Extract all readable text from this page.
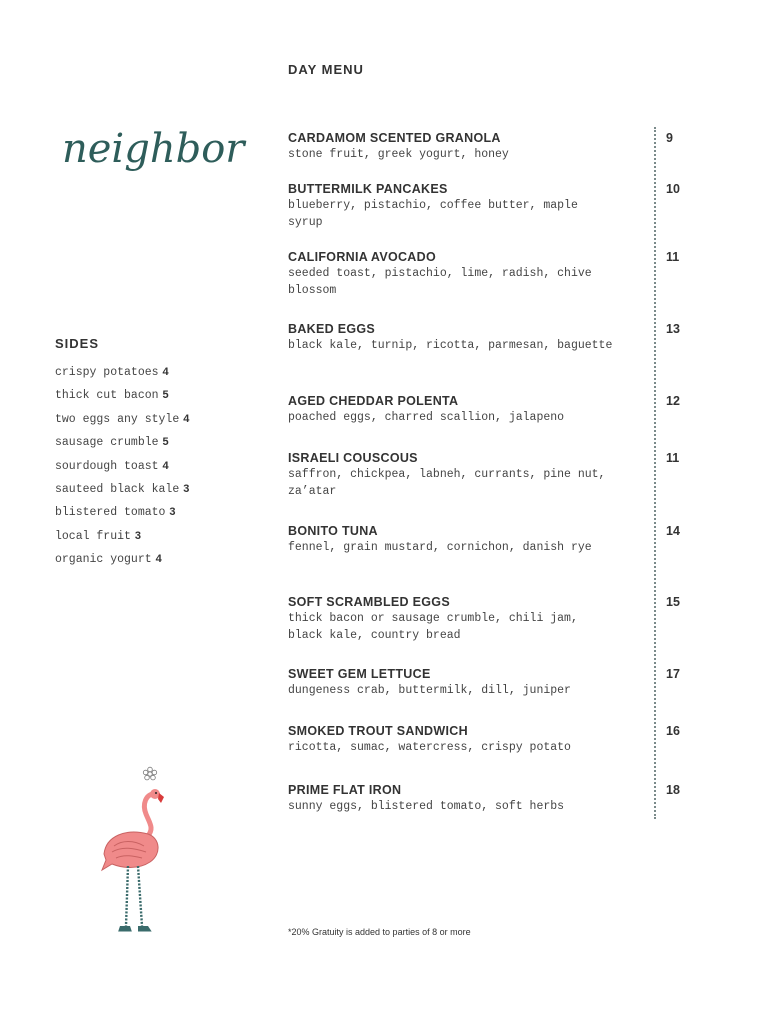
DAY MENU
neighbor
SIDES
crispy potatoes 4
thick cut bacon 5
two eggs any style 4
sausage crumble 5
sourdough toast 4
sauteed black kale 3
blistered tomato 3
local fruit 3
organic yogurt 4
CARDAMOM SCENTED GRANOLA
stone fruit, greek yogurt, honey
9
BUTTERMILK PANCAKES
blueberry, pistachio, coffee butter, maple syrup
10
CALIFORNIA AVOCADO
seeded toast, pistachio, lime, radish, chive blossom
11
BAKED EGGS
black kale, turnip, ricotta, parmesan, baguette
13
AGED CHEDDAR POLENTA
poached eggs, charred scallion, jalapeno
12
ISRAELI COUSCOUS
saffron, chickpea, labneh, currants, pine nut, za’atar
11
BONITO TUNA
fennel, grain mustard, cornichon, danish rye
14
SOFT SCRAMBLED EGGS
thick bacon or sausage crumble, chili jam, black kale, country bread
15
SWEET GEM LETTUCE
dungeness crab, buttermilk, dill, juniper
17
SMOKED TROUT SANDWICH
ricotta, sumac, watercress, crispy potato
16
PRIME FLAT IRON
sunny eggs, blistered tomato, soft herbs
18
*20% Gratuity is added to parties of 8 or more
